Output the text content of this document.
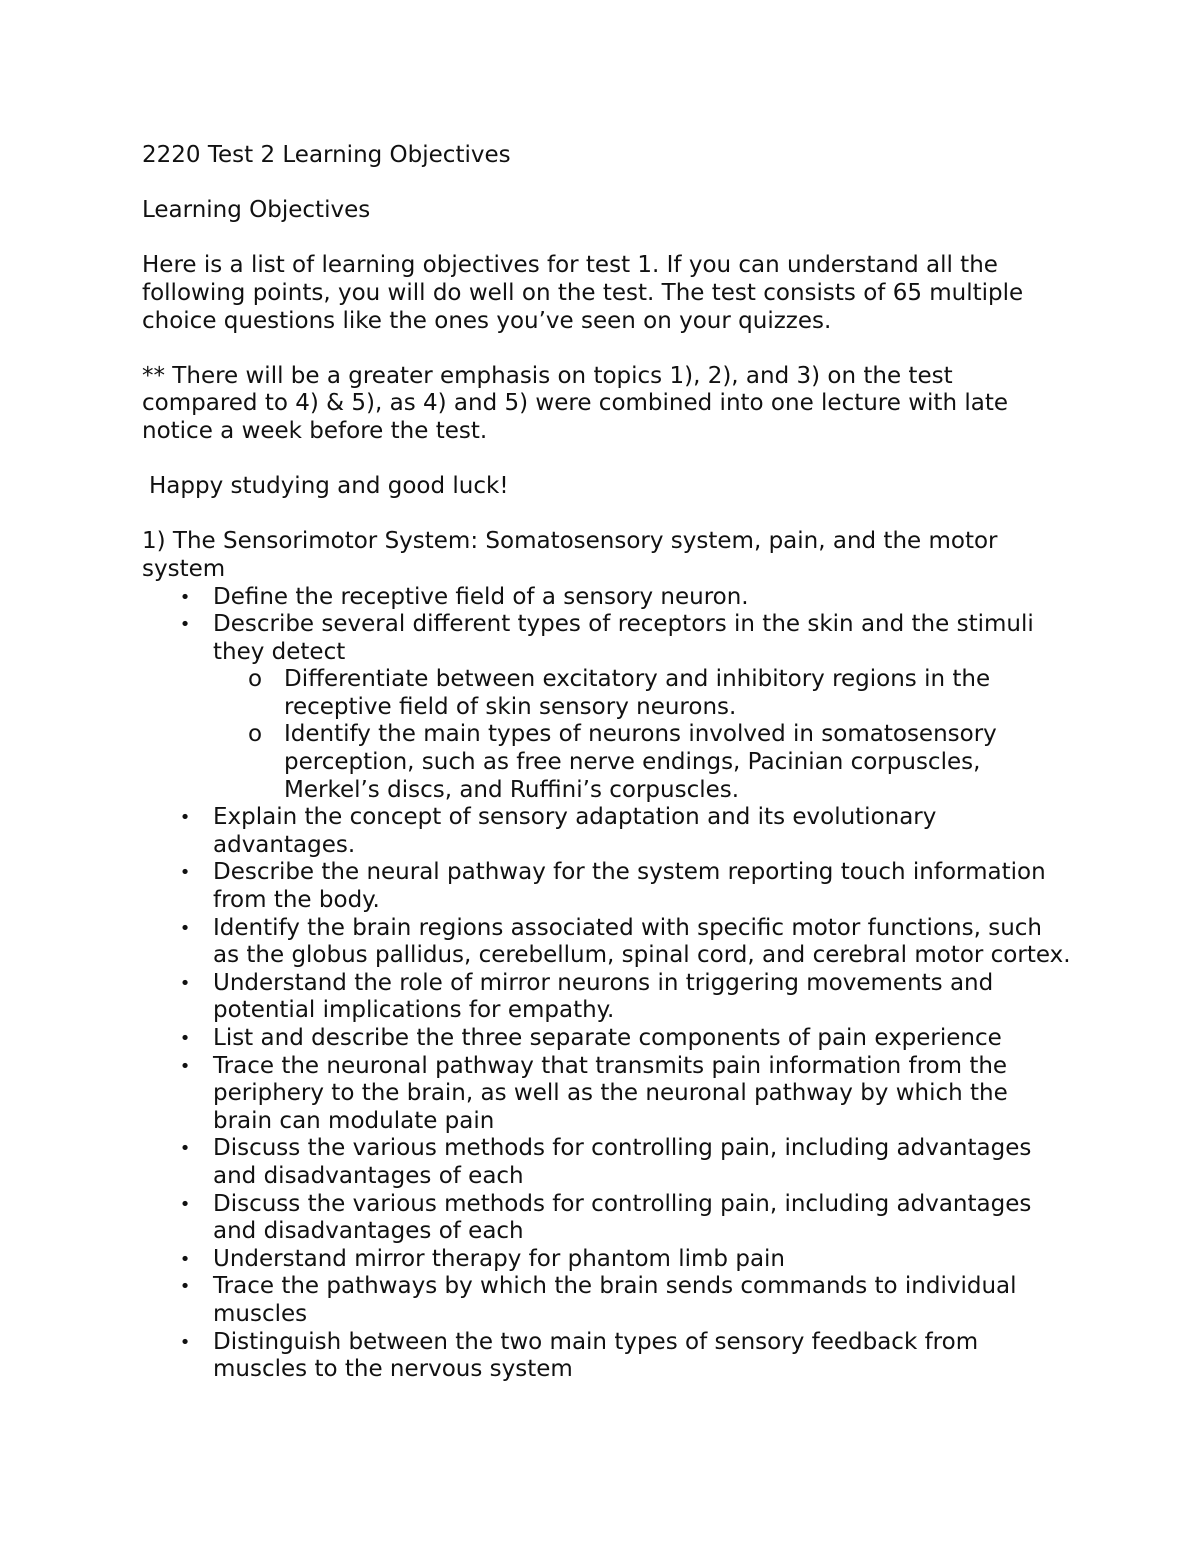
2220 Test 2 Learning Objectives

Learning Objectives

Here is a list of learning objectives for test 1. If you can understand all the following points, you will do well on the test. The test consists of 65 multiple choice questions like the ones you’ve seen on your quizzes.

** There will be a greater emphasis on topics 1), 2), and 3) on the test compared to 4) & 5), as 4) and 5) were combined into one lecture with late notice a week before the test.

Happy studying and good luck!

1) The Sensorimotor System: Somatosensory system, pain, and the motor system

• Define the receptive field of a sensory neuron.
• Describe several different types of receptors in the skin and the stimuli they detect
o Differentiate between excitatory and inhibitory regions in the receptive field of skin sensory neurons.
o Identify the main types of neurons involved in somatosensory perception, such as free nerve endings, Pacinian corpuscles, Merkel’s discs, and Ruffini’s corpuscles.
• Explain the concept of sensory adaptation and its evolutionary advantages.
• Describe the neural pathway for the system reporting touch information from the body.
• Identify the brain regions associated with specific motor functions, such as the globus pallidus, cerebellum, spinal cord, and cerebral motor cortex.
• Understand the role of mirror neurons in triggering movements and potential implications for empathy.
• List and describe the three separate components of pain experience
• Trace the neuronal pathway that transmits pain information from the periphery to the brain, as well as the neuronal pathway by which the brain can modulate pain
• Discuss the various methods for controlling pain, including advantages and disadvantages of each
• Discuss the various methods for controlling pain, including advantages and disadvantages of each
• Understand mirror therapy for phantom limb pain
• Trace the pathways by which the brain sends commands to individual muscles
• Distinguish between the two main types of sensory feedback from muscles to the nervous system
